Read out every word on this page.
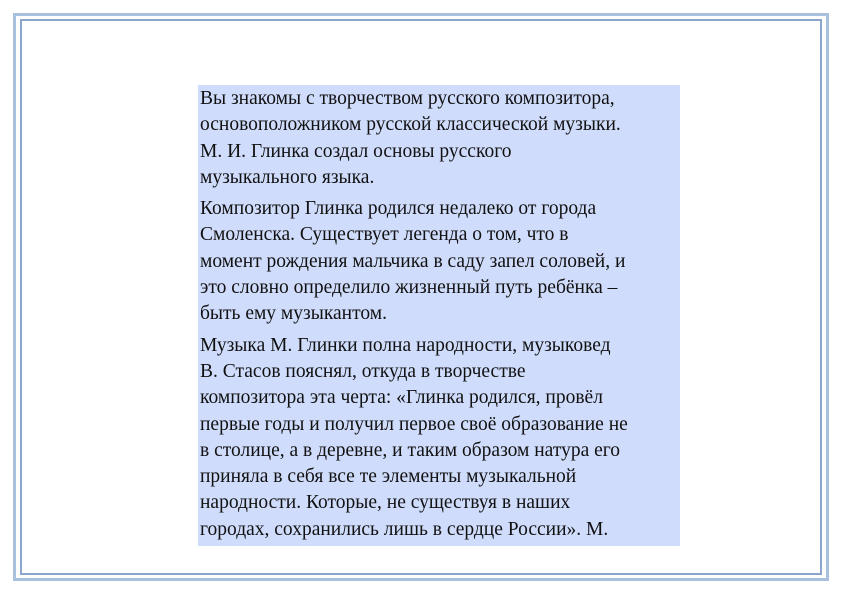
Вы знакомы с творчеством русского композитора,
основоположником русской классической музыки.
М. И. Глинка создал основы русского
музыкального языка.
Композитор Глинка родился недалеко от города
Смоленска. Существует легенда о том, что в
момент рождения мальчика в саду запел соловей, и
это словно определило жизненный путь ребёнка –
быть ему музыкантом.
Музыка М. Глинки полна народности, музыковед
В. Стасов пояснял, откуда в творчестве
композитора эта черта: «Глинка родился, провёл
первые годы и получил первое своё образование не
в столице, а в деревне, и таким образом натура его
приняла в себя все те элементы музыкальной
народности. Которые, не существуя в наших
городах, сохранились лишь в сердце России». М.
